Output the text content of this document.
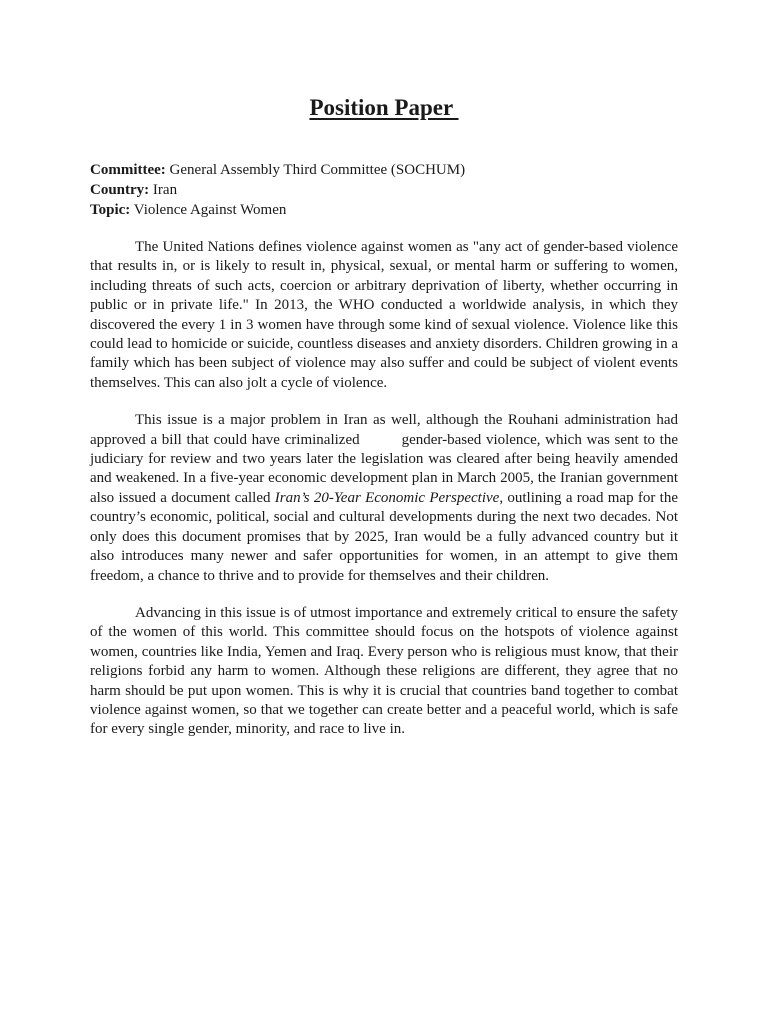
Position Paper
Committee: General Assembly Third Committee (SOCHUM)
Country: Iran
Topic: Violence Against Women

The United Nations defines violence against women as "any act of gender-based violence that results in, or is likely to result in, physical, sexual, or mental harm or suffering to women, including threats of such acts, coercion or arbitrary deprivation of liberty, whether occurring in public or in private life." In 2013, the WHO conducted a worldwide analysis, in which they discovered the every 1 in 3 women have through some kind of sexual violence. Violence like this could lead to homicide or suicide, countless diseases and anxiety disorders. Children growing in a family which has been subject of violence may also suffer and could be subject of violent events themselves. This can also jolt a cycle of violence.

This issue is a major problem in Iran as well, although the Rouhani administration had approved a bill that could have criminalized	gender-based violence, which was sent to the judiciary for review and two years later the legislation was cleared after being heavily amended and weakened. In a five-year economic development plan in March 2005, the Iranian government also issued a document called Iran’s 20-Year Economic Perspective, outlining a road map for the country’s economic, political, social and cultural developments during the next two decades. Not only does this document promises that by 2025, Iran would be a fully advanced country but it also introduces many newer and safer opportunities for women, in an attempt to give them freedom, a chance to thrive and to provide for themselves and their children.

Advancing in this issue is of utmost importance and extremely critical to ensure the safety of the women of this world. This committee should focus on the hotspots of violence against women, countries like India, Yemen and Iraq. Every person who is religious must know, that their religions forbid any harm to women. Although these religions are different, they agree that no harm should be put upon women. This is why it is crucial that countries band together to combat violence against women, so that we together can create better and a peaceful world, which is safe for every single gender, minority, and race to live in.
